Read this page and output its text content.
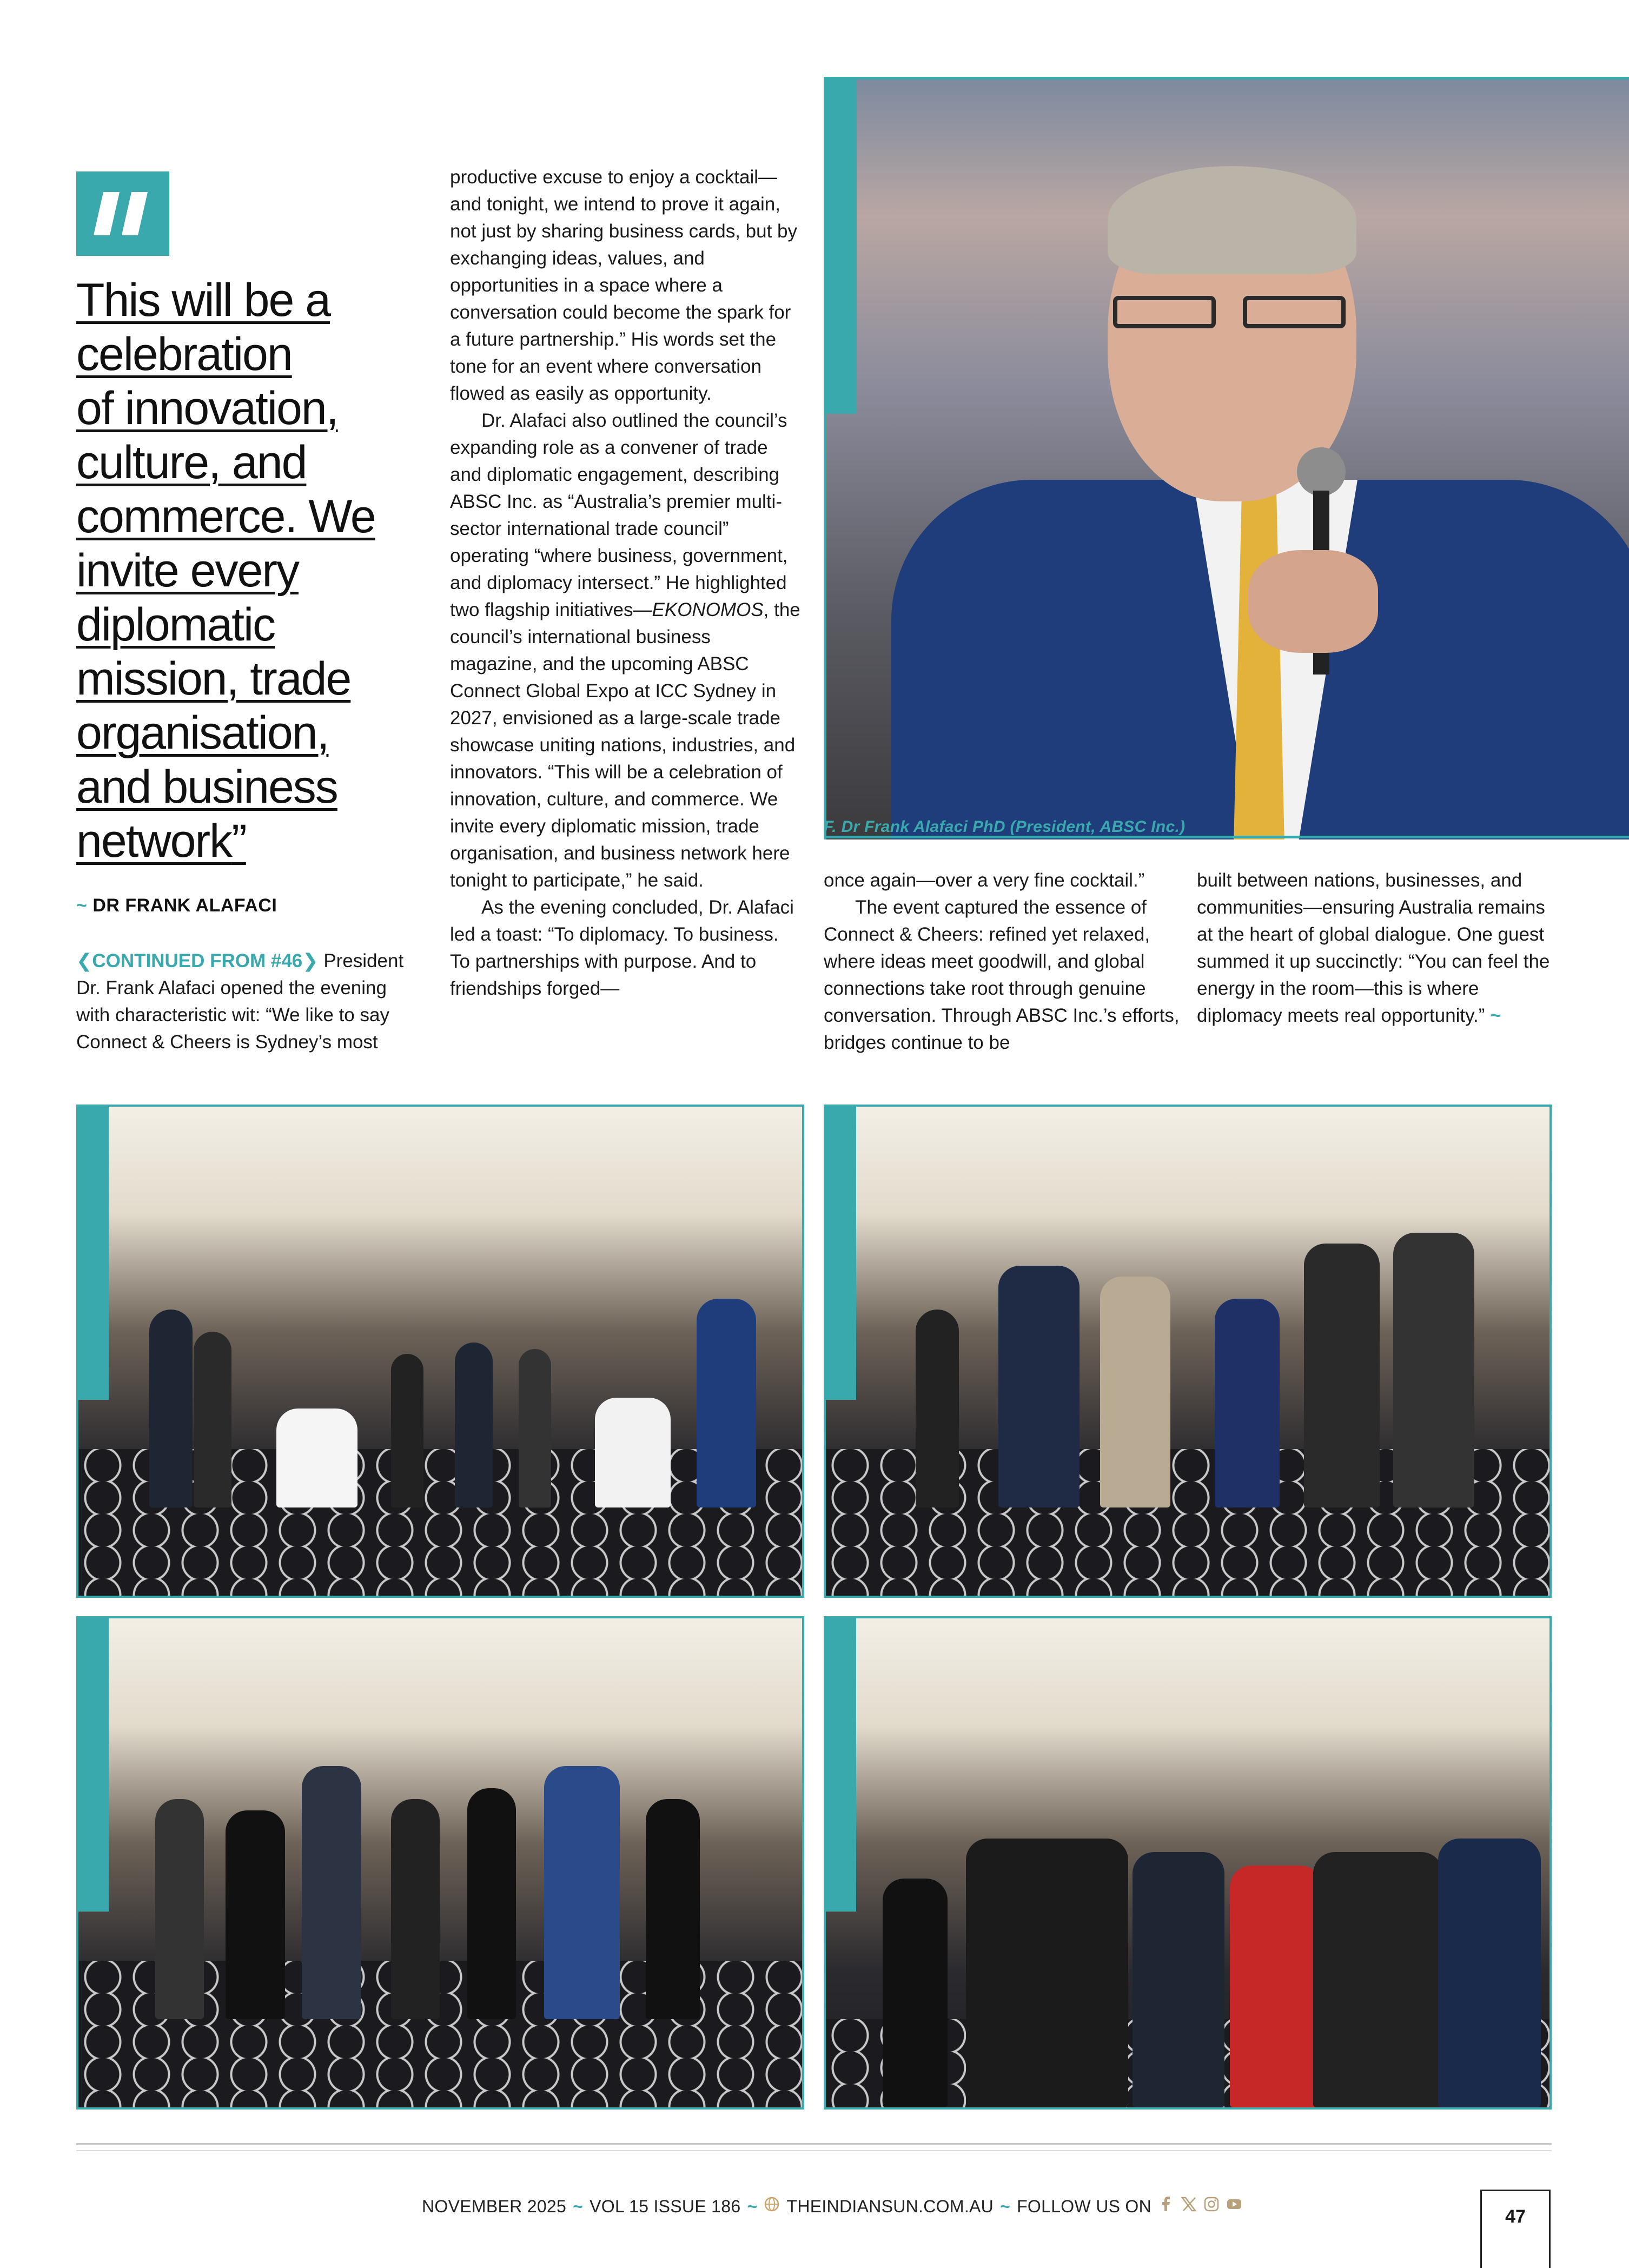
This will be a
celebration
of innovation,
culture, and
commerce. We
invite every
diplomatic
mission, trade
organisation,
and business
network”
~ DR FRANK ALAFACI

❮CONTINUED FROM #46❯ President Dr. Frank Alafaci opened the evening with characteristic wit: “We like to say Connect & Cheers is Sydney’s most

productive excuse to enjoy a cocktail—and tonight, we intend to prove it again, not just by sharing business cards, but by exchanging ideas, values, and opportunities in a space where a conversation could become the spark for a future partnership.” His words set the tone for an event where conversation flowed as easily as opportunity.

Dr. Alafaci also outlined the council’s expanding role as a convener of trade and diplomatic engagement, describing ABSC Inc. as “Australia’s premier multi-sector international trade council” operating “where business, government, and diplomacy intersect.” He highlighted two flagship initiatives—EKONOMOS, the council’s international business magazine, and the upcoming ABSC Connect Global Expo at ICC Sydney in 2027, envisioned as a large-scale trade showcase uniting nations, industries, and innovators. “This will be a celebration of innovation, culture, and commerce. We invite every diplomatic mission, trade organisation, and business network here tonight to participate,” he said.

As the evening concluded, Dr. Alafaci led a toast: “To diplomacy. To business. To partnerships with purpose. And to friendships forged—

once again—over a very fine cocktail.”

The event captured the essence of Connect & Cheers: refined yet relaxed, where ideas meet goodwill, and global connections take root through genuine conversation. Through ABSC Inc.’s efforts, bridges continue to be

built between nations, businesses, and communities—ensuring Australia remains at the heart of global dialogue. One guest summed it up succinctly: “You can feel the energy in the room—this is where diplomacy meets real opportunity.” ~

F. Dr Frank Alafaci PhD (President, ABSC Inc.)
NOVEMBER 2025 ~ VOL 15 ISSUE 186 ~ THEINDIANSUN.COM.AU ~ FOLLOW US ON
47
